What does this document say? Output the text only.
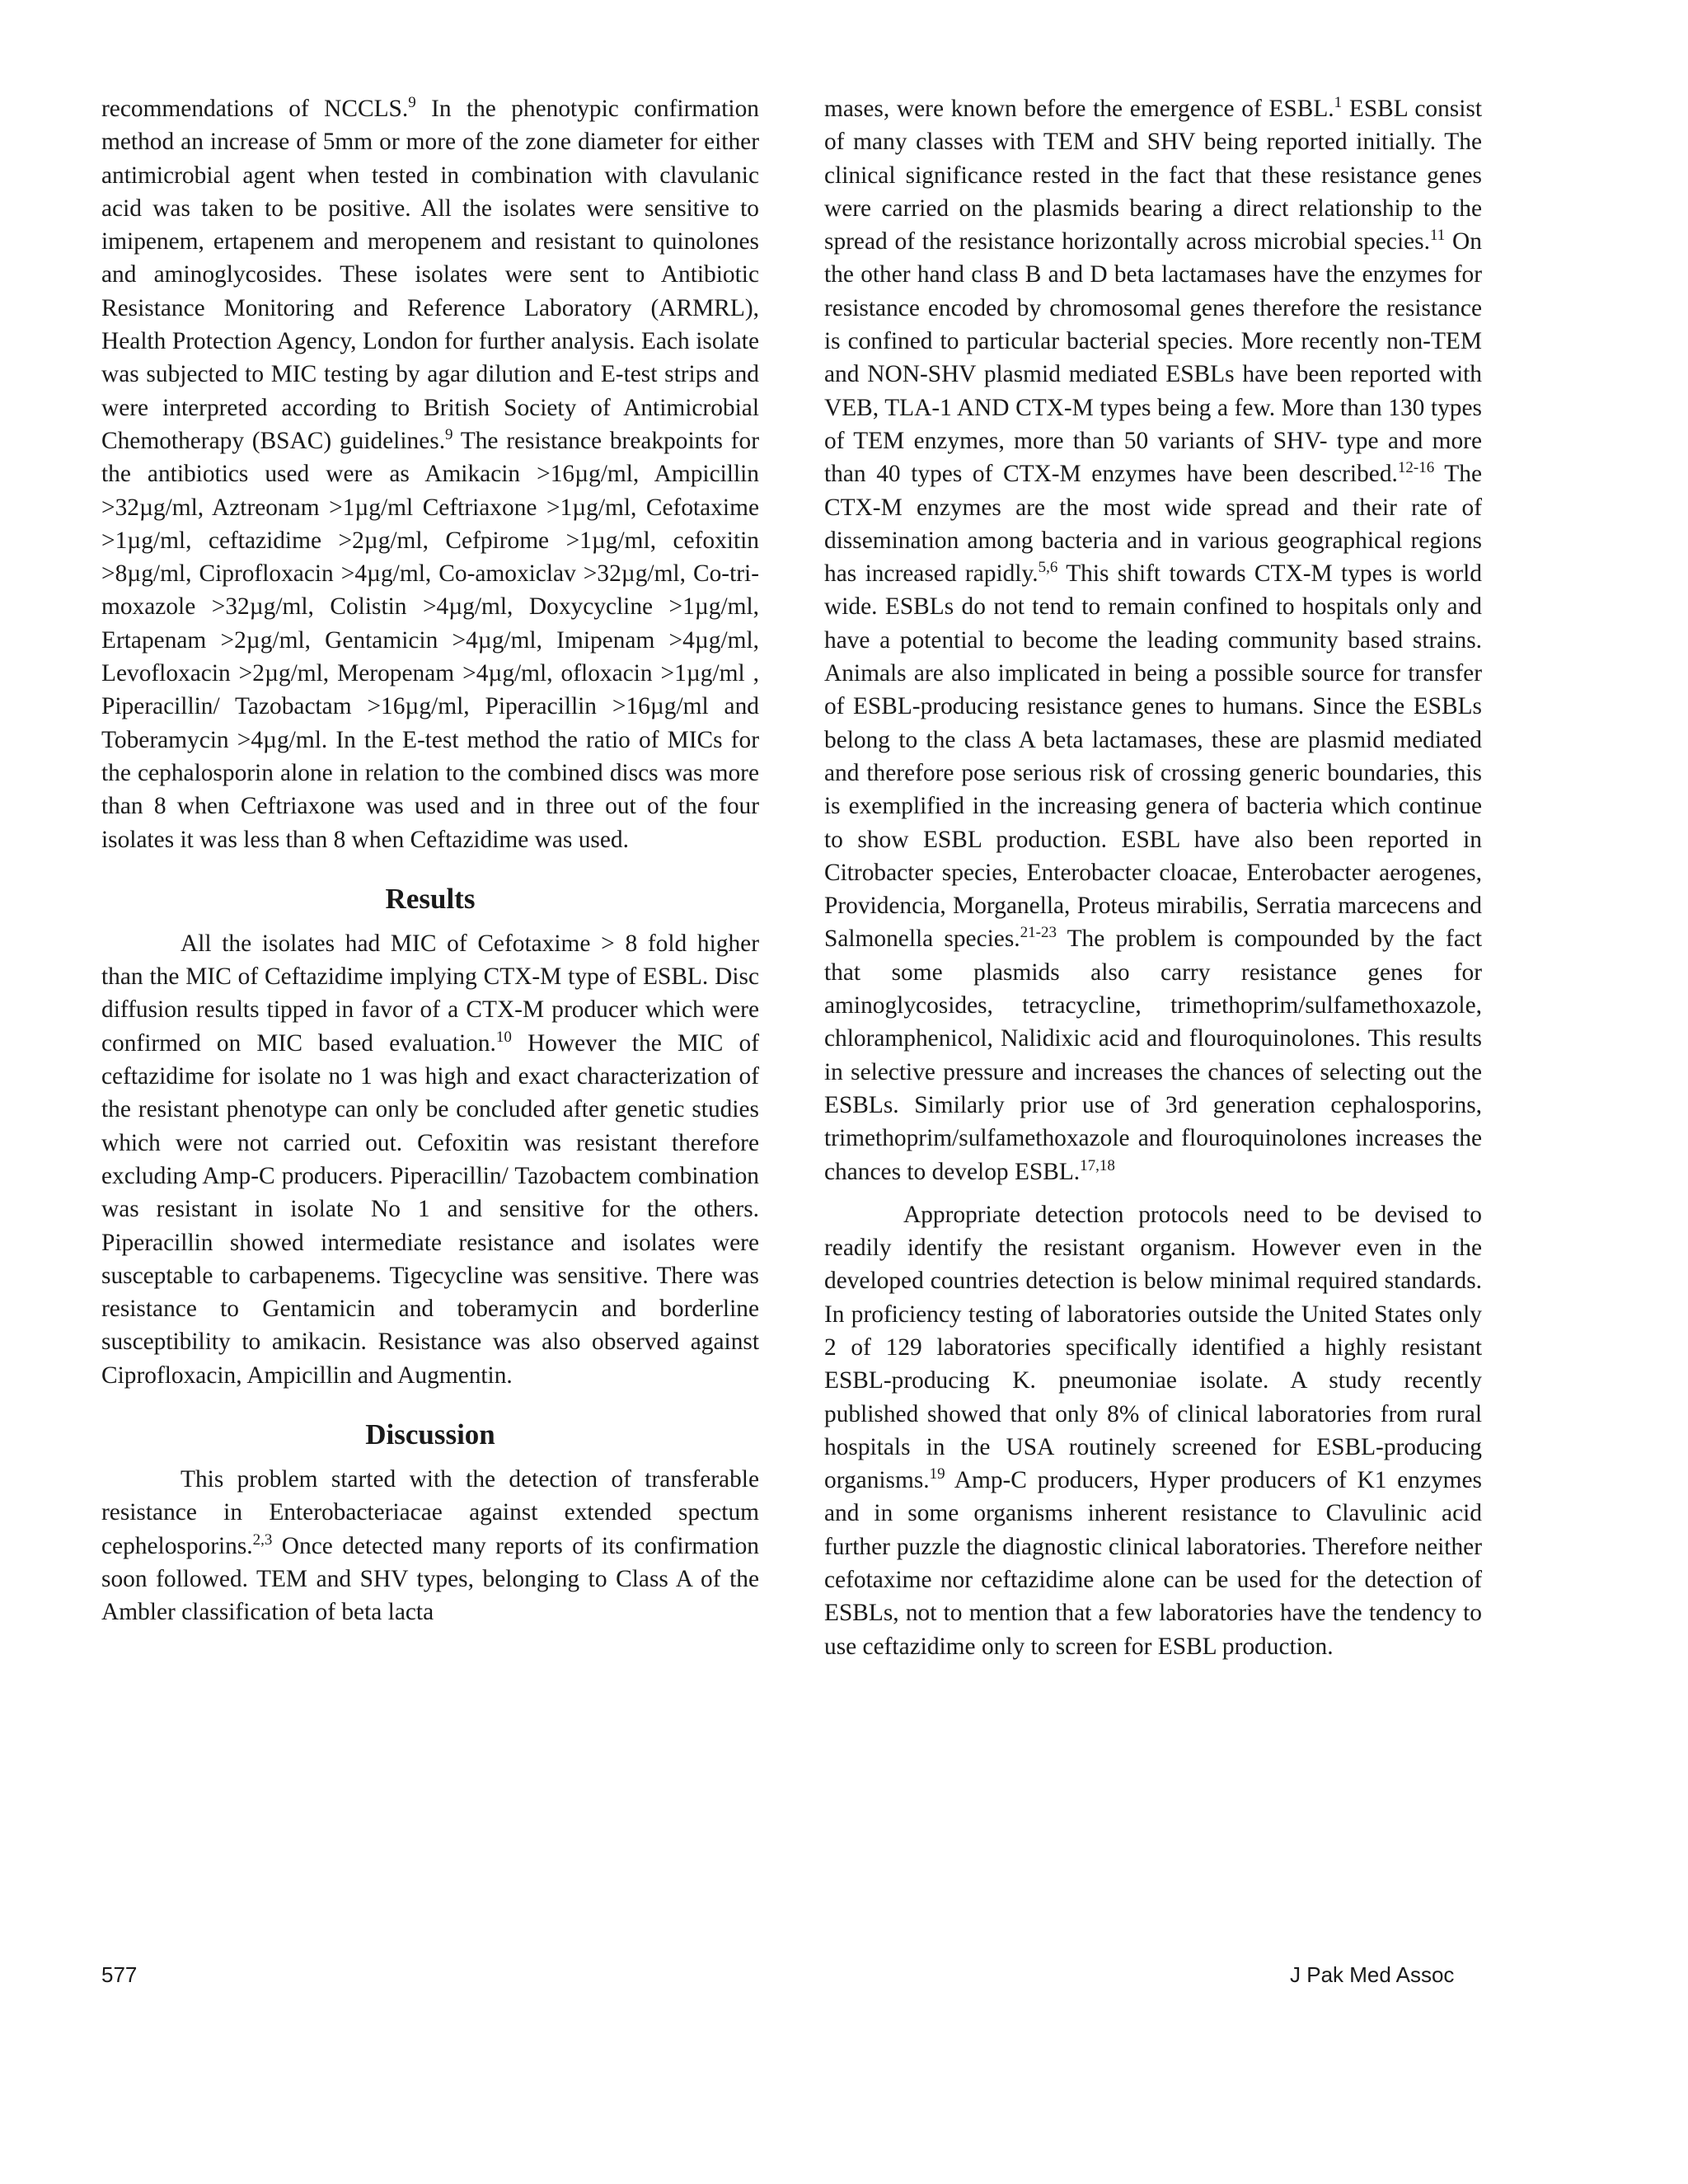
recommendations of NCCLS.$^9$ In the phenotypic confirmation method an increase of 5mm or more of the zone diameter for either antimicrobial agent when tested in combination with clavulanic acid was taken to be positive. All the isolates were sensitive to imipenem, ertapenem and meropenem and resistant to quinolones and aminoglycosides. These isolates were sent to Antibiotic Resistance Monitoring and Reference Laboratory (ARMRL), Health Protection Agency, London for further analysis. Each isolate was subjected to MIC testing by agar dilution and E-test strips and were interpreted according to British Society of Antimicrobial Chemotherapy (BSAC) guidelines.$^9$ The resistance breakpoints for the antibiotics used were as Amikacin >16µg/ml, Ampicillin >32µg/ml, Aztreonam >1µg/ml Ceftriaxone >1µg/ml, Cefotaxime >1µg/ml, ceftazidime >2µg/ml, Cefpirome >1µg/ml, cefoxitin >8µg/ml, Ciprofloxacin >4µg/ml, Co-amoxiclav >32µg/ml, Co-trimoxazole >32µg/ml, Colistin >4µg/ml, Doxycycline >1µg/ml, Ertapenam >2µg/ml, Gentamicin >4µg/ml, Imipenam >4µg/ml, Levofloxacin >2µg/ml, Meropenam >4µg/ml, ofloxacin >1µg/ml , Piperacillin/ Tazobactam >16µg/ml, Piperacillin >16µg/ml and Toberamycin >4µg/ml. In the E-test method the ratio of MICs for the cephalosporin alone in relation to the combined discs was more than 8 when Ceftriaxone was used and in three out of the four isolates it was less than 8 when Ceftazidime was used.

Results

All the isolates had MIC of Cefotaxime > 8 fold higher than the MIC of Ceftazidime implying CTX-M type of ESBL. Disc diffusion results tipped in favor of a CTX-M producer which were confirmed on MIC based evaluation.$^{10}$ However the MIC of ceftazidime for isolate no 1 was high and exact characterization of the resistant phenotype can only be concluded after genetic studies which were not carried out. Cefoxitin was resistant therefore excluding Amp-C producers. Piperacillin/ Tazobactem combination was resistant in isolate No 1 and sensitive for the others. Piperacillin showed intermediate resistance and isolates were susceptable to carbapenems. Tigecycline was sensitive. There was resistance to Gentamicin and toberamycin and borderline susceptibility to amikacin. Resistance was also observed against Ciprofloxacin, Ampicillin and Augmentin.

Discussion

This problem started with the detection of transferable resistance in Enterobacteriacae against extended spectum cephelosporins.$^{2,3}$ Once detected many reports of its confirmation soon followed. TEM and SHV types, belonging to Class A of the Ambler classification of beta lacta

mases, were known before the emergence of ESBL.$^1$ ESBL consist of many classes with TEM and SHV being reported initially. The clinical significance rested in the fact that these resistance genes were carried on the plasmids bearing a direct relationship to the spread of the resistance horizontally across microbial species.$^{11}$ On the other hand class B and D beta lactamases have the enzymes for resistance encoded by chromosomal genes therefore the resistance is confined to particular bacterial species. More recently non-TEM and NON-SHV plasmid mediated ESBLs have been reported with VEB, TLA-1 AND CTX-M types being a few. More than 130 types of TEM enzymes, more than 50 variants of SHV- type and more than 40 types of CTX-M enzymes have been described.$^{12-16}$ The CTX-M enzymes are the most wide spread and their rate of dissemination among bacteria and in various geographical regions has increased rapidly.$^{5,6}$ This shift towards CTX-M types is world wide. ESBLs do not tend to remain confined to hospitals only and have a potential to become the leading community based strains. Animals are also implicated in being a possible source for transfer of ESBL-producing resistance genes to humans. Since the ESBLs belong to the class A beta lactamases, these are plasmid mediated and therefore pose serious risk of crossing generic boundaries, this is exemplified in the increasing genera of bacteria which continue to show ESBL production. ESBL have also been reported in Citrobacter species, Enterobacter cloacae, Enterobacter aerogenes, Providencia, Morganella, Proteus mirabilis, Serratia marcecens and Salmonella species.$^{21-23}$ The problem is compounded by the fact that some plasmids also carry resistance genes for aminoglycosides, tetracycline, trimethoprim/sulfamethoxazole, chloramphenicol, Nalidixic acid and flouroquinolones. This results in selective pressure and increases the chances of selecting out the ESBLs. Similarly prior use of 3rd generation cephalosporins, trimethoprim/sulfamethoxazole and flouroquinolones increases the chances to develop ESBL.$^{17,18}$

Appropriate detection protocols need to be devised to readily identify the resistant organism. However even in the developed countries detection is below minimal required standards. In proficiency testing of laboratories outside the United States only 2 of 129 laboratories specifically identified a highly resistant ESBL-producing K. pneumoniae isolate. A study recently published showed that only 8% of clinical laboratories from rural hospitals in the USA routinely screened for ESBL-producing organisms.$^{19}$ Amp-C producers, Hyper producers of K1 enzymes and in some organisms inherent resistance to Clavulinic acid further puzzle the diagnostic clinical laboratories. Therefore neither cefotaxime nor ceftazidime alone can be used for the detection of ESBLs, not to mention that a few laboratories have the tendency to use ceftazidime only to screen for ESBL production.

577	J Pak Med Assoc
